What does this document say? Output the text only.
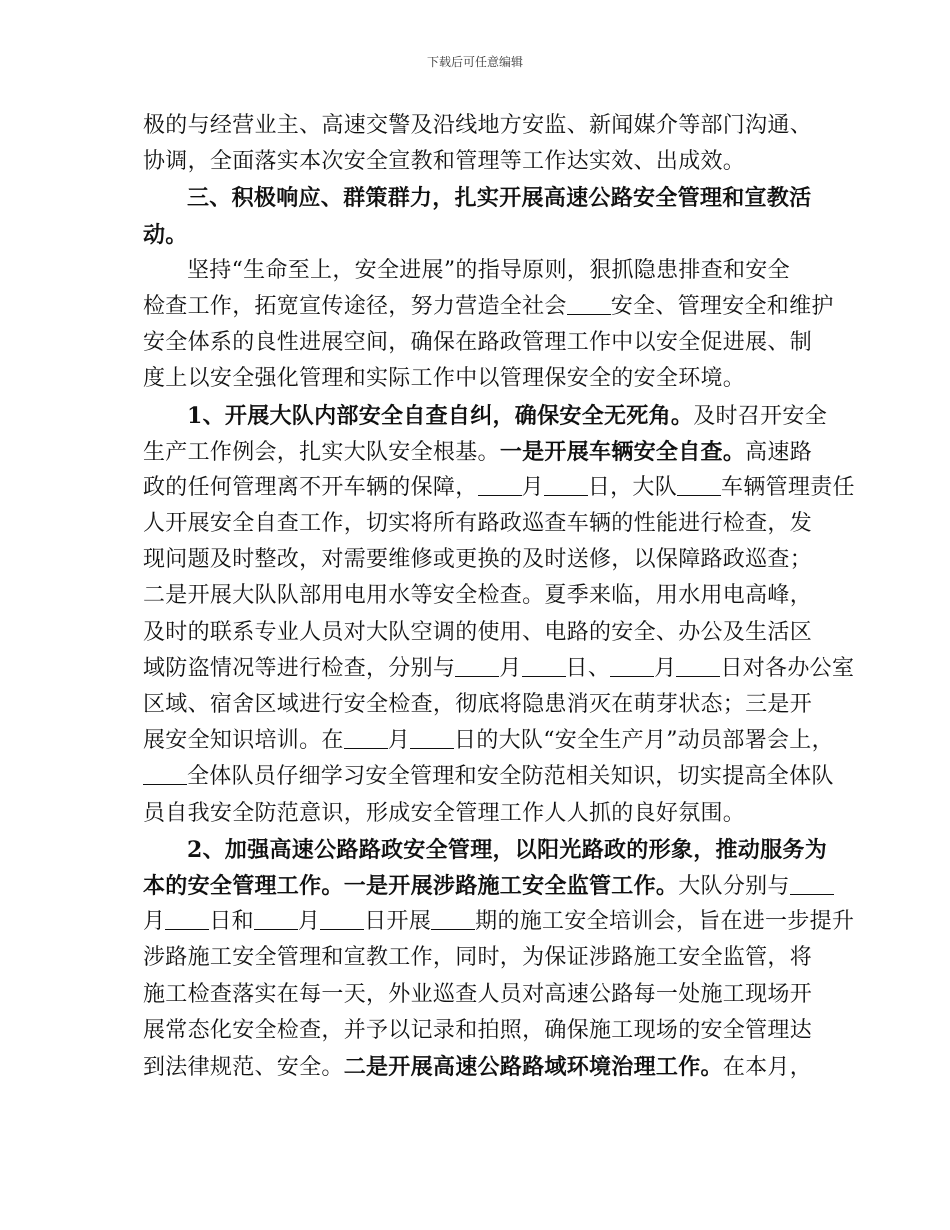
下载后可任意编辑
极的与经营业主、高速交警及沿线地方安监、新闻媒介等部门沟通、
协调，全面落实本次安全宣教和管理等工作达实效、出成效。
三、积极响应、群策群力，扎实开展高速公路安全管理和宣教活
动。
坚持“生命至上，安全进展”的指导原则，狠抓隐患排查和安全
检查工作，拓宽宣传途径，努力营造全社会 安全、管理安全和维护
安全体系的良性进展空间，确保在路政管理工作中以安全促进展、制
度上以安全强化管理和实际工作中以管理保安全的安全环境。
1、开展大队内部安全自查自纠，确保安全无死角。及时召开安全
生产工作例会，扎实大队安全根基。一是开展车辆安全自查。高速路
政的任何管理离不开车辆的保障， 月 日，大队 车辆管理责任
人开展安全自查工作，切实将所有路政巡查车辆的性能进行检查，发
现问题及时整改，对需要维修或更换的及时送修，以保障路政巡查；
二是开展大队队部用电用水等安全检查。夏季来临，用水用电高峰，
及时的联系专业人员对大队空调的使用、电路的安全、办公及生活区
域防盗情况等进行检查，分别与 月 日、 月 日对各办公室
区域、宿舍区域进行安全检查，彻底将隐患消灭在萌芽状态；三是开
展安全知识培训。在 月 日的大队“安全生产月”动员部署会上，
全体队员仔细学习安全管理和安全防范相关知识，切实提高全体队
员自我安全防范意识，形成安全管理工作人人抓的良好氛围。
2、加强高速公路路政安全管理，以阳光路政的形象，推动服务为
本的安全管理工作。一是开展涉路施工安全监管工作。大队分别与
月 日和 月 日开展 期的施工安全培训会，旨在进一步提升
涉路施工安全管理和宣教工作，同时，为保证涉路施工安全监管，将
施工检查落实在每一天，外业巡查人员对高速公路每一处施工现场开
展常态化安全检查，并予以记录和拍照，确保施工现场的安全管理达
到法律规范、安全。二是开展高速公路路域环境治理工作。在本月，
